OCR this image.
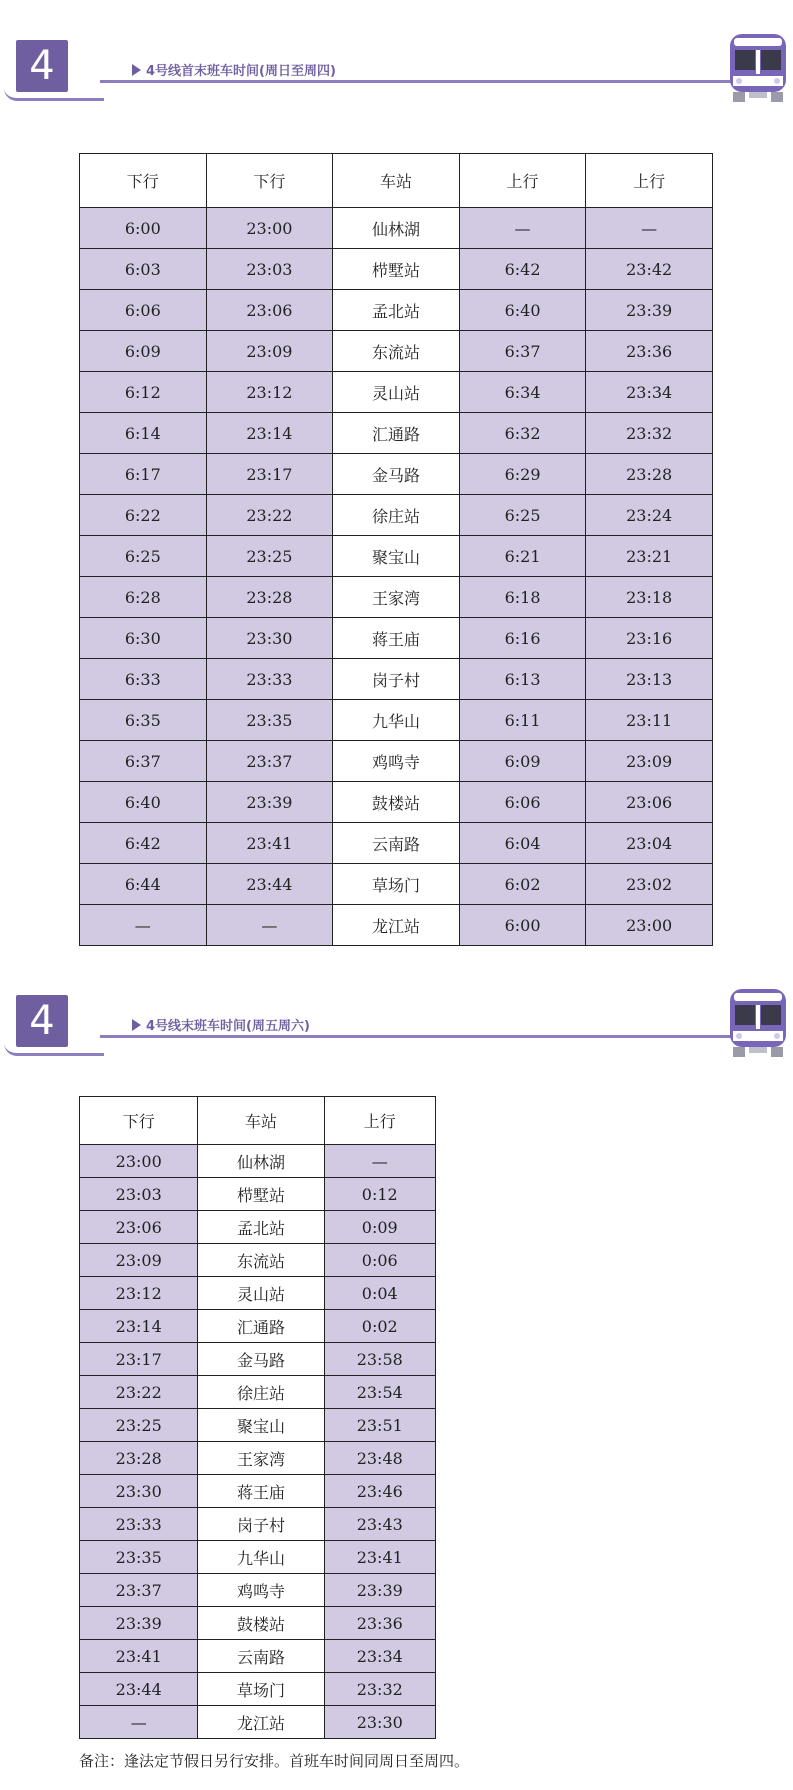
4	4号线首末班车时间(周日至周四)
下行	下行	车站	上行	上行
6:00	23:00	仙林湖	—	—
6:03	23:03	栉墅站	6:42	23:42
6:06	23:06	孟北站	6:40	23:39
6:09	23:09	东流站	6:37	23:36
6:12	23:12	灵山站	6:34	23:34
6:14	23:14	汇通路	6:32	23:32
6:17	23:17	金马路	6:29	23:28
6:22	23:22	徐庄站	6:25	23:24
6:25	23:25	聚宝山	6:21	23:21
6:28	23:28	王家湾	6:18	23:18
6:30	23:30	蒋王庙	6:16	23:16
6:33	23:33	岗子村	6:13	23:13
6:35	23:35	九华山	6:11	23:11
6:37	23:37	鸡鸣寺	6:09	23:09
6:40	23:39	鼓楼站	6:06	23:06
6:42	23:41	云南路	6:04	23:04
6:44	23:44	草场门	6:02	23:02
—	—	龙江站	6:00	23:00
4	4号线末班车时间(周五周六)
下行	车站	上行
23:00	仙林湖	—
23:03	栉墅站	0:12
23:06	孟北站	0:09
23:09	东流站	0:06
23:12	灵山站	0:04
23:14	汇通路	0:02
23:17	金马路	23:58
23:22	徐庄站	23:54
23:25	聚宝山	23:51
23:28	王家湾	23:48
23:30	蒋王庙	23:46
23:33	岗子村	23:43
23:35	九华山	23:41
23:37	鸡鸣寺	23:39
23:39	鼓楼站	23:36
23:41	云南路	23:34
23:44	草场门	23:32
—	龙江站	23:30
备注：逢法定节假日另行安排。首班车时间同周日至周四。
